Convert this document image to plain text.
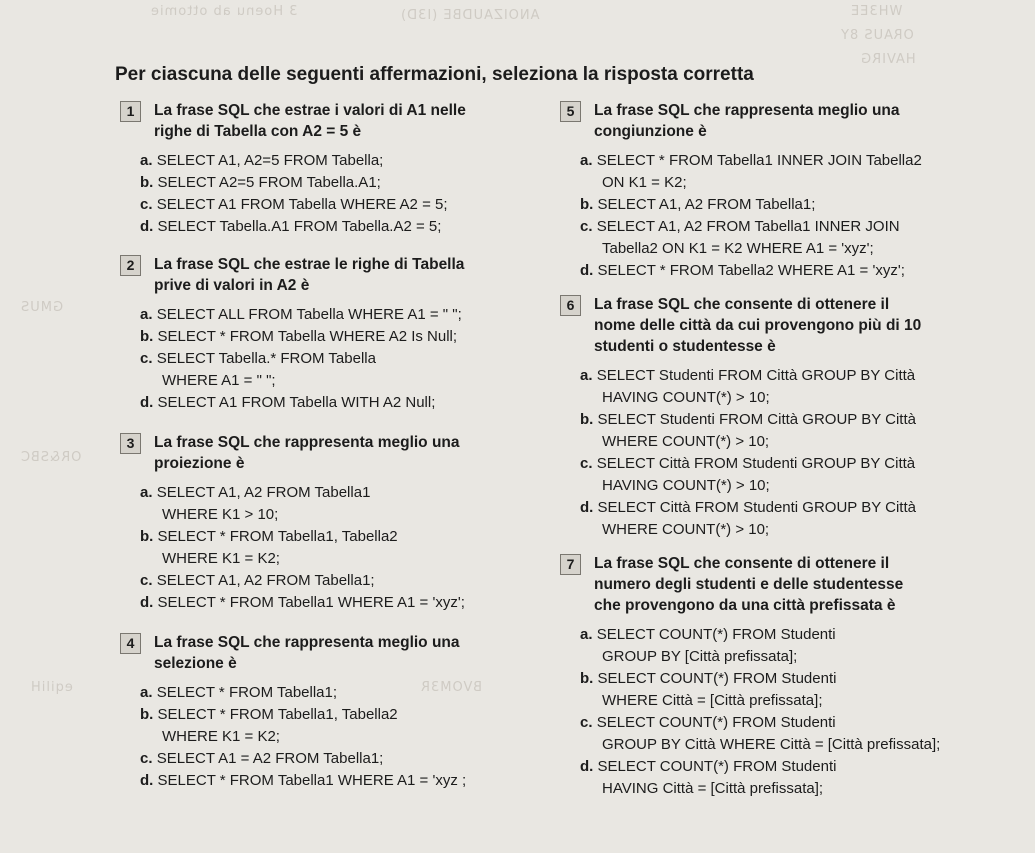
3 Hoenu ab ottomie	ANOIZAUDBE (I3D)	WH3EE
ORAUS 8Y
HAVIRG
GMUS
OR&SBC
eqiliH	BVOM3R
Per ciascuna delle seguenti affermazioni, seleziona la risposta corretta
1	La frase SQL che estrae i valori di A1 nelle
righe di Tabella con A2 = 5 è
a. SELECT A1, A2=5 FROM Tabella;
b. SELECT A2=5 FROM Tabella.A1;
c. SELECT A1 FROM Tabella WHERE A2 = 5;
d. SELECT Tabella.A1 FROM Tabella.A2 = 5;
2	La frase SQL che estrae le righe di Tabella
prive di valori in A2 è
a. SELECT ALL FROM Tabella WHERE A1 = " ";
b. SELECT * FROM Tabella WHERE A2 Is Null;
c. SELECT Tabella.* FROM Tabella
WHERE A1 = " ";
d. SELECT A1 FROM Tabella WITH A2 Null;
3	La frase SQL che rappresenta meglio una
proiezione è
a. SELECT A1, A2 FROM Tabella1
WHERE K1 > 10;
b. SELECT * FROM Tabella1, Tabella2
WHERE K1 = K2;
c. SELECT A1, A2 FROM Tabella1;
d. SELECT * FROM Tabella1 WHERE A1 = 'xyz';
4	La frase SQL che rappresenta meglio una
selezione è
a. SELECT * FROM Tabella1;
b. SELECT * FROM Tabella1, Tabella2
WHERE K1 = K2;
c. SELECT A1 = A2 FROM Tabella1;
d. SELECT * FROM Tabella1 WHERE A1 = 'xyz ;
5	La frase SQL che rappresenta meglio una
congiunzione è
a. SELECT * FROM Tabella1 INNER JOIN Tabella2
ON K1 = K2;
b. SELECT A1, A2 FROM Tabella1;
c. SELECT A1, A2 FROM Tabella1 INNER JOIN
Tabella2 ON K1 = K2 WHERE A1 = 'xyz';
d. SELECT * FROM Tabella2 WHERE A1 = 'xyz';
6	La frase SQL che consente di ottenere il
nome delle città da cui provengono più di 10
studenti o studentesse è
a. SELECT Studenti FROM Città GROUP BY Città
HAVING COUNT(*) > 10;
b. SELECT Studenti FROM Città GROUP BY Città
WHERE COUNT(*) > 10;
c. SELECT Città FROM Studenti GROUP BY Città
HAVING COUNT(*) > 10;
d. SELECT Città FROM Studenti GROUP BY Città
WHERE COUNT(*) > 10;
7	La frase SQL che consente di ottenere il
numero degli studenti e delle studentesse
che provengono da una città prefissata è
a. SELECT COUNT(*) FROM Studenti
GROUP BY [Città prefissata];
b. SELECT COUNT(*) FROM Studenti
WHERE Città = [Città prefissata];
c. SELECT COUNT(*) FROM Studenti
GROUP BY Città WHERE Città = [Città prefissata];
d. SELECT COUNT(*) FROM Studenti
HAVING Città = [Città prefissata];
